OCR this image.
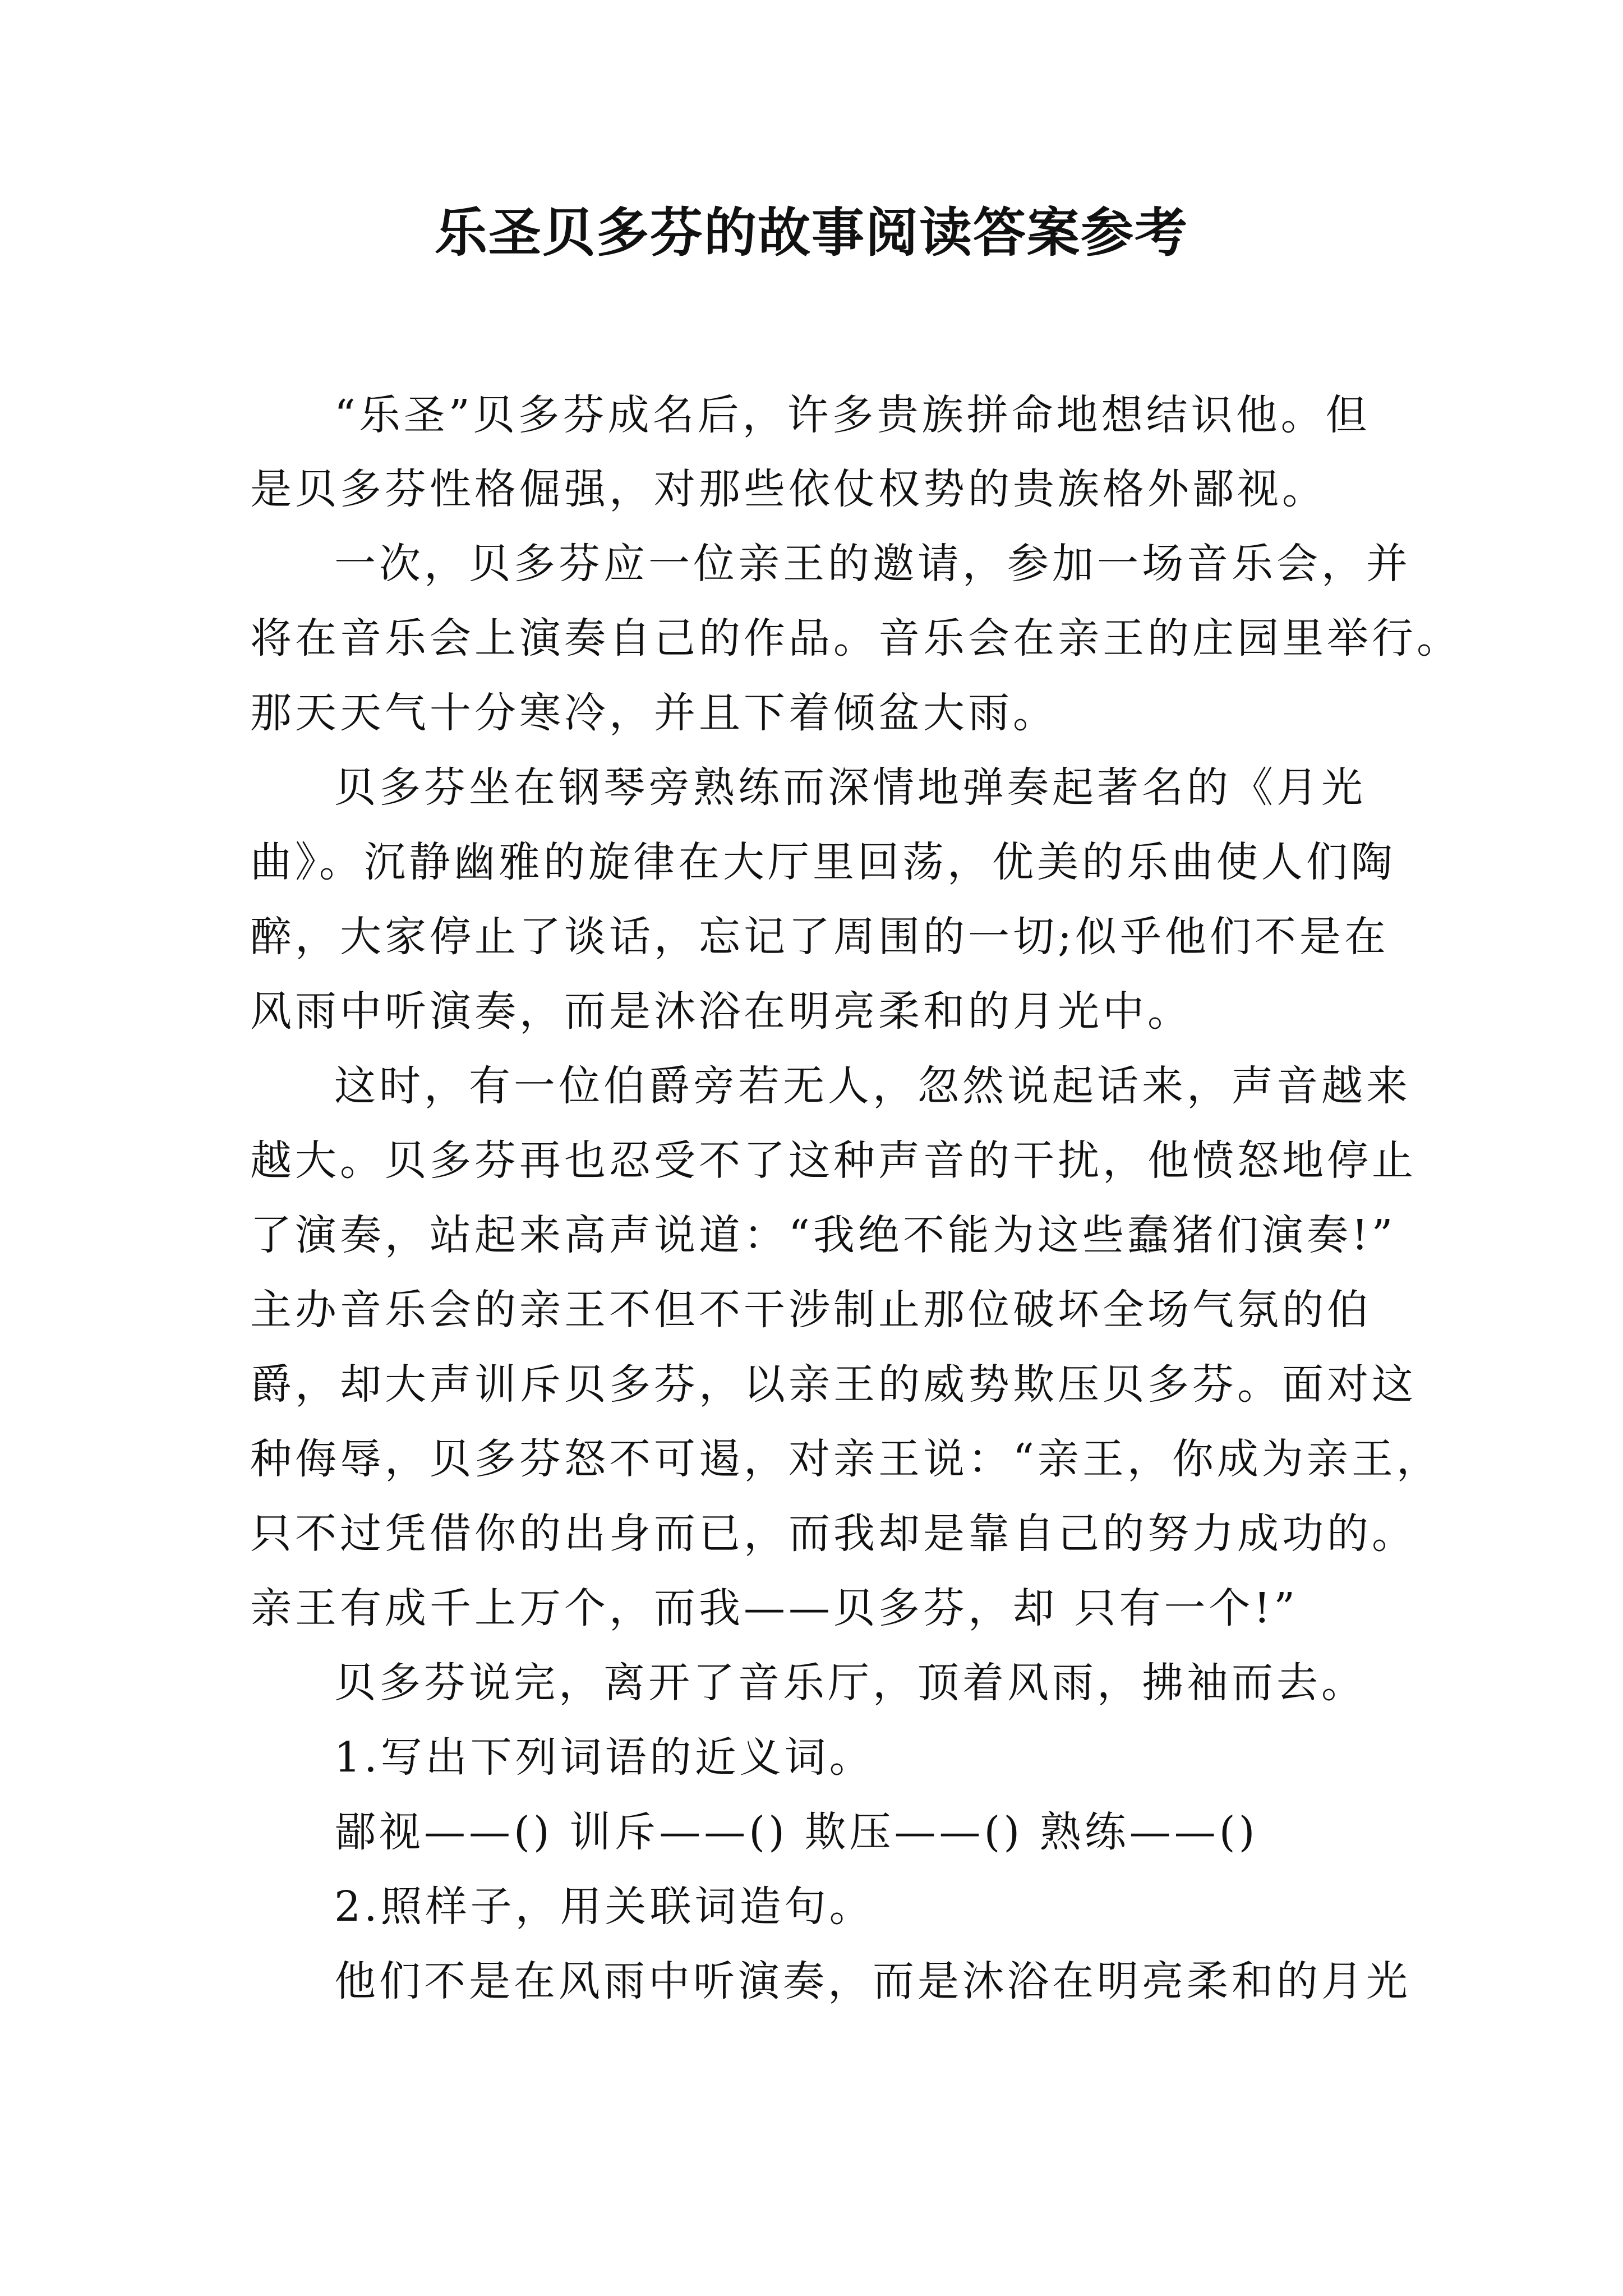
乐圣贝多芬的故事阅读答案参考
“乐圣”贝多芬成名后，许多贵族拼命地想结识他。但
是贝多芬性格倔强，对那些依仗权势的贵族格外鄙视。
一次，贝多芬应一位亲王的邀请，参加一场音乐会，并
将在音乐会上演奏自己的作品。音乐会在亲王的庄园里举行。
那天天气十分寒冷，并且下着倾盆大雨。
贝多芬坐在钢琴旁熟练而深情地弹奏起著名的《月光
曲》。沉静幽雅的旋律在大厅里回荡，优美的乐曲使人们陶
醉，大家停止了谈话，忘记了周围的一切;似乎他们不是在
风雨中听演奏，而是沐浴在明亮柔和的月光中。
这时，有一位伯爵旁若无人，忽然说起话来，声音越来
越大。贝多芬再也忍受不了这种声音的干扰，他愤怒地停止
了演奏，站起来高声说道：“我绝不能为这些蠢猪们演奏!”
主办音乐会的亲王不但不干涉制止那位破坏全场气氛的伯
爵，却大声训斥贝多芬，以亲王的威势欺压贝多芬。面对这
种侮辱，贝多芬怒不可遏，对亲王说：“亲王，你成为亲王，
只不过凭借你的出身而已，而我却是靠自己的努力成功的。
亲王有成千上万个，而我——贝多芬，却 只有一个!”
贝多芬说完，离开了音乐厅，顶着风雨，拂袖而去。
1.写出下列词语的近义词。
鄙视——() 训斥——() 欺压——() 熟练——()
2.照样子，用关联词造句。
他们不是在风雨中听演奏，而是沐浴在明亮柔和的月光
